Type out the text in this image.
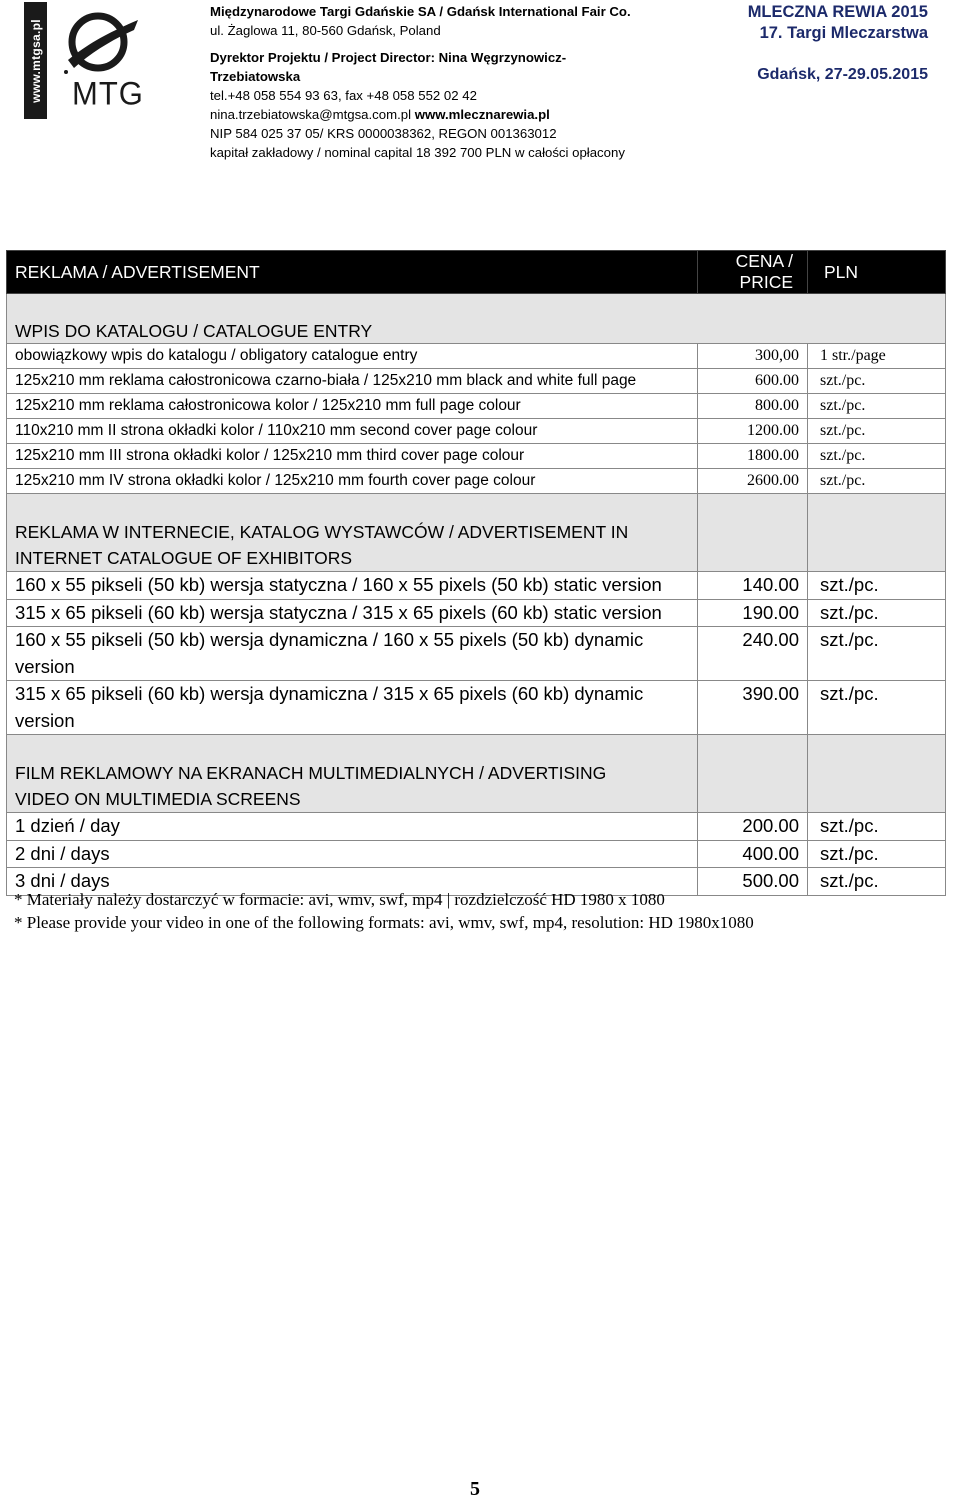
www.mtgsa.pl MTG
Międzynarodowe Targi Gdańskie SA / Gdańsk International Fair Co.
ul. Żaglowa 11, 80-560 Gdańsk, Poland
Dyrektor Projektu / Project Director: Nina Węgrzynowicz-
Trzebiatowska
tel.+48 058 554 93 63, fax +48 058 552 02 42
nina.trzebiatowska@mtgsa.com.pl www.mlecznarewia.pl
NIP 584 025 37 05/ KRS 0000038362, REGON 001363012
kapitał zakładowy / nominal capital 18 392 700 PLN w całości opłacony
MLECZNA REWIA 2015
17. Targi Mleczarstwa
Gdańsk, 27-29.05.2015
REKLAMA / ADVERTISEMENT	CENA / PRICE	PLN
WPIS DO KATALOGU / CATALOGUE ENTRY		
obowiązkowy wpis do katalogu / obligatory catalogue entry	300,00	1 str./page
125x210 mm reklama całostronicowa czarno-biała / 125x210 mm black and white full page	600.00	szt./pc.
125x210 mm reklama całostronicowa kolor / 125x210 mm full page colour	800.00	szt./pc.
110x210 mm II strona okładki kolor / 110x210 mm second cover page colour	1200.00	szt./pc.
125x210 mm III strona okładki kolor / 125x210 mm third cover page colour	1800.00	szt./pc.
125x210 mm IV strona okładki kolor / 125x210 mm fourth cover page colour	2600.00	szt./pc.

REKLAMA W INTERNECIE, KATALOG WYSTAWCÓW / ADVERTISEMENT IN
INTERNET CATALOGUE OF EXHIBITORS		

160 x 55 pikseli (50 kb) wersja statyczna / 160 x 55 pixels (50 kb) static version	140.00	szt./pc.
315 x 65 pikseli (60 kb) wersja statyczna / 315 x 65 pixels (60 kb) static version	190.00	szt./pc.
160 x 55 pikseli (50 kb) wersja dynamiczna / 160 x 55 pixels (50 kb) dynamic version	240.00	szt./pc.
315 x 65 pikseli (60 kb) wersja dynamiczna / 315 x 65 pixels (60 kb) dynamic version	390.00	szt./pc.

FILM REKLAMOWY NA EKRANACH MULTIMEDIALNYCH / ADVERTISING
VIDEO ON MULTIMEDIA SCREENS		

1 dzień / day	200.00	szt./pc.
2 dni / days	400.00	szt./pc.
3 dni / days	500.00	szt./pc.
* Materiały należy dostarczyć w formacie: avi, wmv, swf, mp4 | rozdzielczość HD 1980 x 1080
* Please provide your video in one of the following formats: avi, wmv, swf, mp4, resolution: HD 1980x1080
5
